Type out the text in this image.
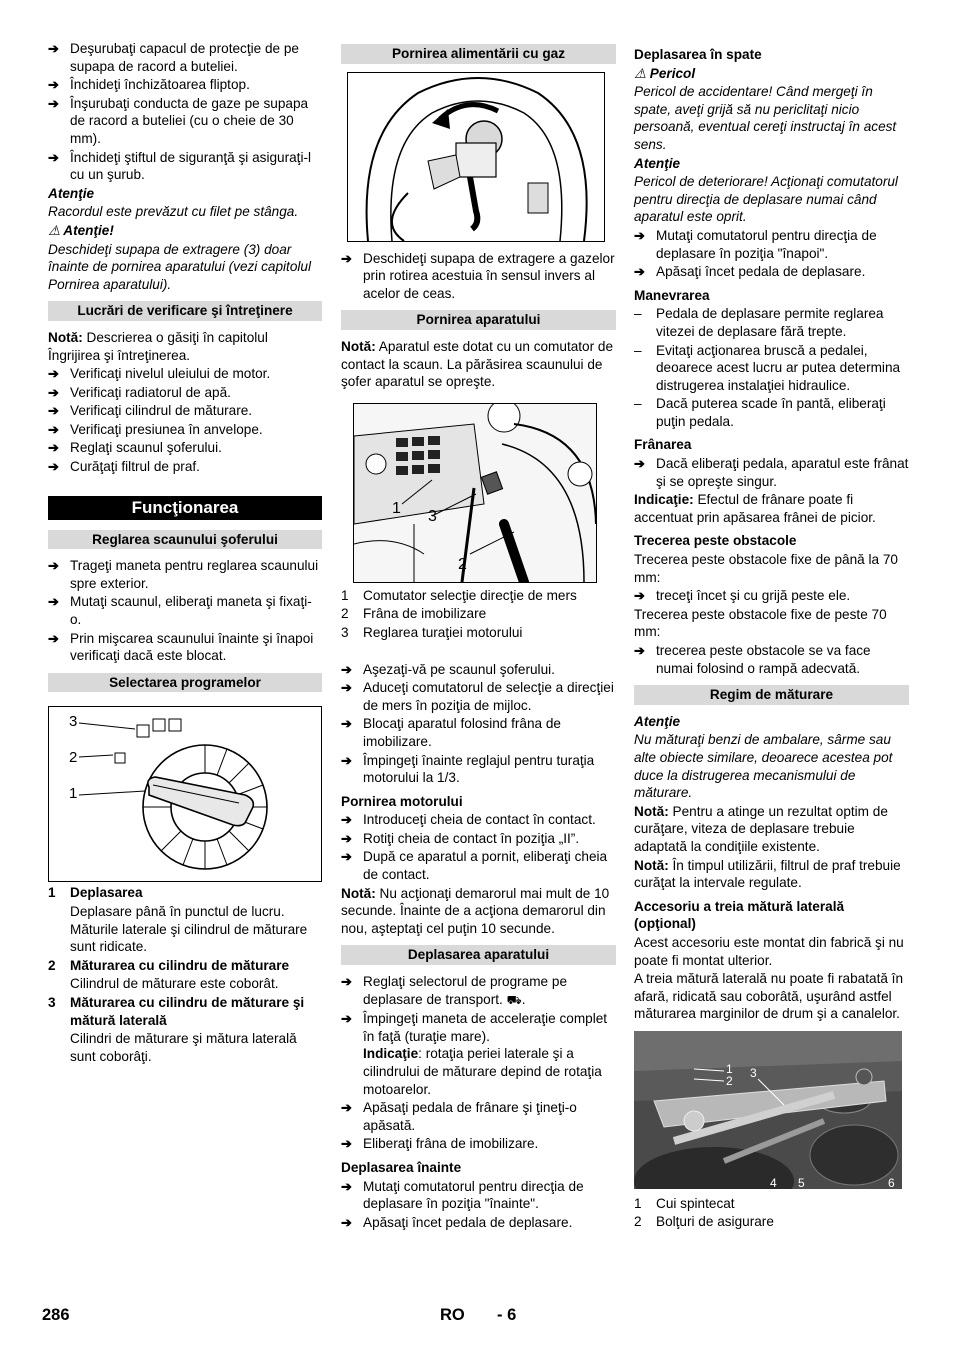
➔ Deşurubaţi capacul de protecţie de pe supapa de racord a buteliei.
➔ Închideţi închizătoarea fliptop.
➔ Înşurubaţi conducta de gaze pe supapa de racord a buteliei (cu o cheie de 30 mm).
➔ Închideţi ştiftul de siguranţă şi asiguraţi-l cu un şurub.
Atenţie
Racordul este prevăzut cu filet pe stânga.
⚠ Atenţie!
Deschideţi supapa de extragere (3) doar înainte de pornirea aparatului (vezi capitolul Pornirea aparatului).
Lucrări de verificare şi întreţinere
Notă: Descrierea o găsiţi în capitolul Îngrijirea şi întreţinerea.
➔ Verificaţi nivelul uleiului de motor.
➔ Verificaţi radiatorul de apă.
➔ Verificaţi cilindrul de măturare.
➔ Verificaţi presiunea în anvelope.
➔ Reglaţi scaunul şoferului.
➔ Curăţaţi filtrul de praf.
Funcţionarea
Reglarea scaunului şoferului
➔ Trageţi maneta pentru reglarea scaunului spre exterior.
➔ Mutaţi scaunul, eliberaţi maneta şi fixaţi-o.
➔ Prin mişcarea scaunului înainte şi înapoi verificaţi dacă este blocat.
Selectarea programelor
3
2
1
1	Deplasarea
Deplasare până în punctul de lucru. Măturile laterale şi cilindrul de măturare sunt ridicate.
2	Măturarea cu cilindru de măturare
Cilindrul de măturare este coborât.
3	Măturarea cu cilindru de măturare şi mătură laterală
Cilindri de măturare şi mătura laterală sunt coborâţi.
Pornirea alimentării cu gaz
➔ Deschideţi supapa de extragere a gazelor prin rotirea acestuia în sensul invers al acelor de ceas.
Pornirea aparatului
Notă: Aparatul este dotat cu un comutator de contact la scaun. La părăsirea scaunului de şofer aparatul se opreşte.
1 3
2
1	Comutator selecţie direcţie de mers
2	Frâna de imobilizare
3	Reglarea turaţiei motorului
➔ Aşezaţi-vă pe scaunul şoferului.
➔ Aduceţi comutatorul de selecţie a direcţiei de mers în poziţia de mijloc.
➔ Blocaţi aparatul folosind frâna de imobilizare.
➔ Împingeţi înainte reglajul pentru turaţia motorului la 1/3.
Pornirea motorului
➔ Introduceţi cheia de contact în contact.
➔ Rotiţi cheia de contact în poziţia „II”.
➔ După ce aparatul a pornit, eliberaţi cheia de contact.
Notă: Nu acţionaţi demarorul mai mult de 10 secunde. Înainte de a acţiona demarorul din nou, aşteptaţi cel puţin 10 secunde.
Deplasarea aparatului
➔ Reglaţi selectorul de programe pe deplasare de transport. ⛟.
➔ Împingeţi maneta de acceleraţie complet în faţă (turaţie mare).
Indicaţie: rotaţia periei laterale şi a cilindrului de măturare depind de rotaţia motoarelor.
➔ Apăsaţi pedala de frânare şi ţineţi-o apăsată.
➔ Eliberaţi frâna de imobilizare.
Deplasarea înainte
➔ Mutaţi comutatorul pentru direcţia de deplasare în poziţia "înainte".
➔ Apăsaţi încet pedala de deplasare.
Deplasarea în spate
⚠ Pericol
Pericol de accidentare! Când mergeţi în spate, aveţi grijă să nu periclitaţi nicio persoană, eventual cereţi instructaj în acest sens.
Atenţie
Pericol de deteriorare! Acţionaţi comutatorul pentru direcţia de deplasare numai când aparatul este oprit.
➔ Mutaţi comutatorul pentru direcţia de deplasare în poziţia "înapoi".
➔ Apăsaţi încet pedala de deplasare.
Manevrarea
–	Pedala de deplasare permite reglarea vitezei de deplasare fără trepte.
–	Evitaţi acţionarea bruscă a pedalei, deoarece acest lucru ar putea determina distrugerea instalaţiei hidraulice.
–	Dacă puterea scade în pantă, eliberaţi puţin pedala.
Frânarea
➔ Dacă eliberaţi pedala, aparatul este frânat şi se opreşte singur.
Indicaţie: Efectul de frânare poate fi accentuat prin apăsarea frânei de picior.
Trecerea peste obstacole
Trecerea peste obstacole fixe de până la 70 mm:
➔ treceţi încet şi cu grijă peste ele.
Trecerea peste obstacole fixe de peste 70 mm:
➔ trecerea peste obstacole se va face numai folosind o rampă adecvată.
Regim de măturare
Atenţie
Nu măturaţi benzi de ambalare, sârme sau alte obiecte similare, deoarece acestea pot duce la distrugerea mecanismului de măturare.
Notă: Pentru a atinge un rezultat optim de curăţare, viteza de deplasare trebuie adaptată la condiţiile existente.
Notă: În timpul utilizării, filtrul de praf trebuie curăţat la intervale regulate.
Accesoriu a treia mătură laterală (opţional)
Acest accesoriu este montat din fabrică şi nu poate fi montat ulterior.
A treia mătură laterală nu poate fi rabatată în afară, ridicată sau coborâtă, uşurând astfel măturarea marginilor de drum şi a canalelor.
1
2
3
4 5	6
1	Cui spintecat
2	Bolţuri de asigurare
286	RO - 6
